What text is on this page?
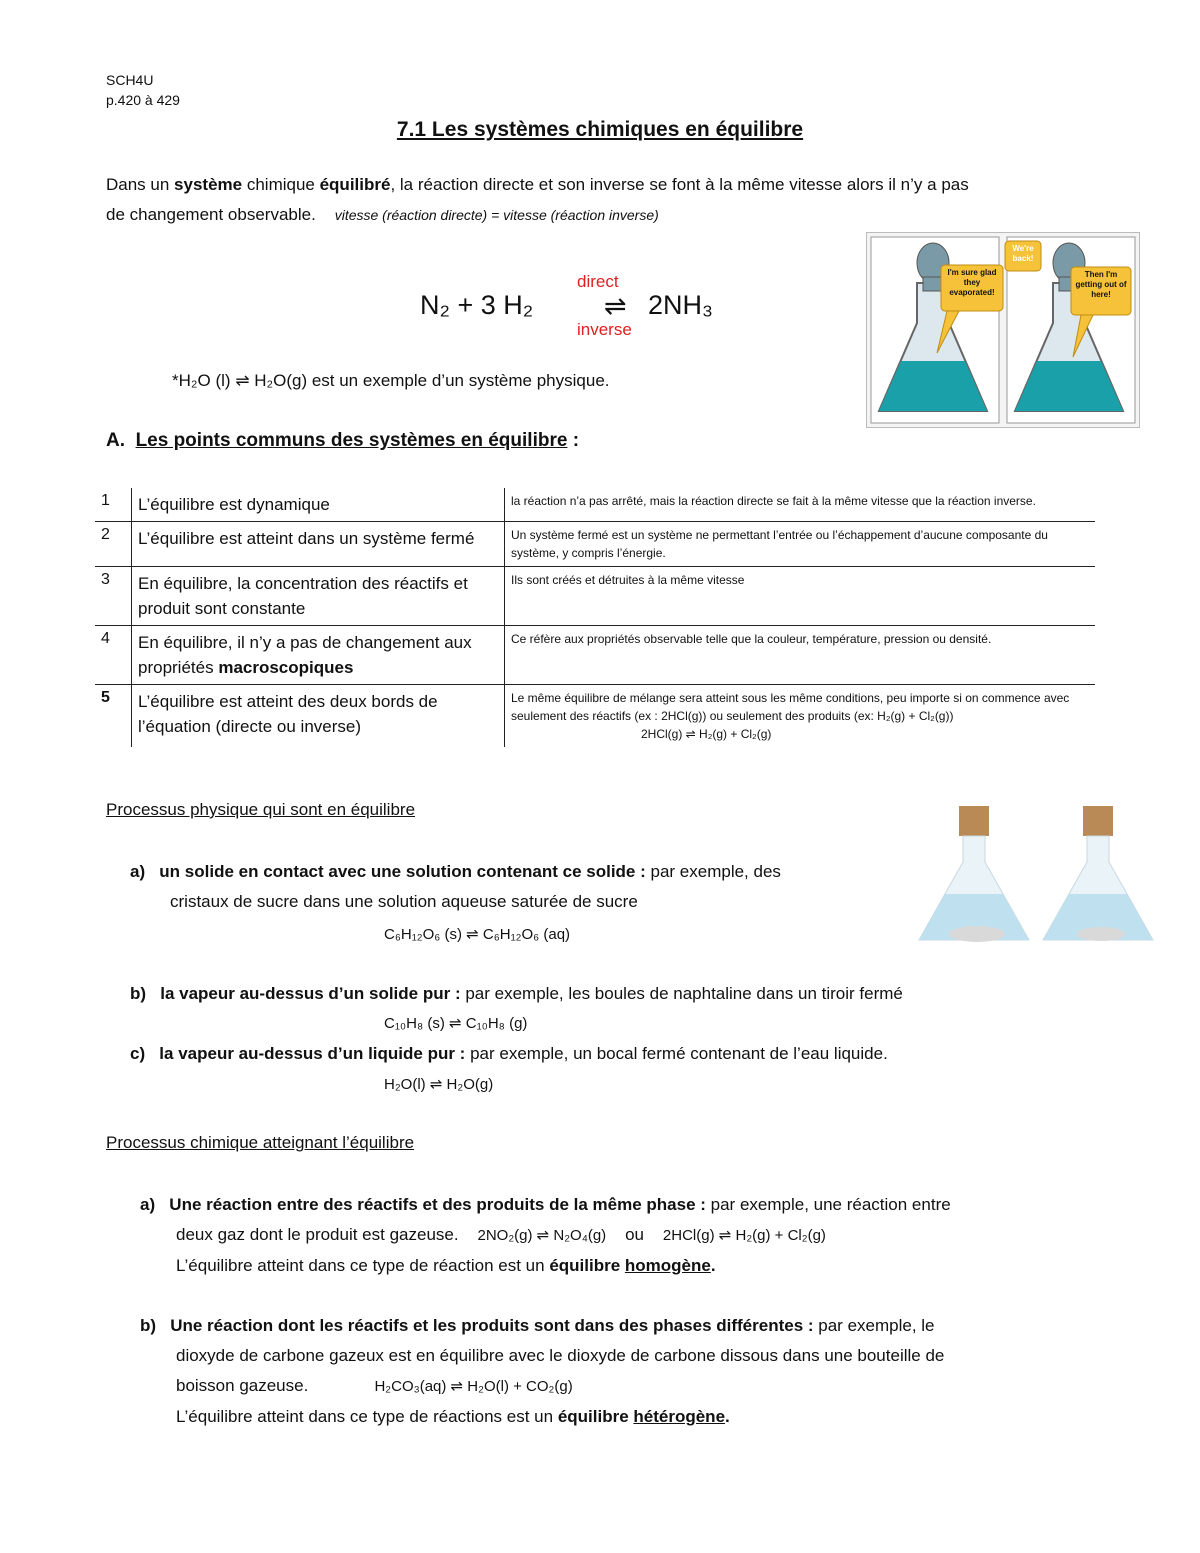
SCH4U
p.420 à 429
7.1 Les systèmes chimiques en équilibre
Dans un système chimique équilibré, la réaction directe et son inverse se font à la même vitesse alors il n’y a pas
de changement observable. vitesse (réaction directe) = vitesse (réaction inverse)
N₂ + 3 H₂
direct
⇌
inverse
2NH₃
*H₂O (l) ⇌ H₂O(g) est un exemple d’un système physique.
I'm sure glad they evaporated!
We're back!
Then I'm getting out of here!
A. Les points communs des systèmes en équilibre :
1	L’équilibre est dynamique	la réaction n’a pas arrêté, mais la réaction directe se fait à la même vitesse que la réaction inverse.
2	L’équilibre est atteint dans un système fermé	Un système fermé est un système ne permettant l’entrée ou l’échappement d’aucune composante du système, y compris l’énergie.
3	En équilibre, la concentration des réactifs et produit sont constante	Ils sont créés et détruites à la même vitesse
4	En équilibre, il n’y a pas de changement aux propriétés macroscopiques	Ce réfère aux propriétés observable telle que la couleur, température, pression ou densité.
5	L’équilibre est atteint des deux bords de l’équation (directe ou inverse)	Le même équilibre de mélange sera atteint sous les même conditions, peu importe si on commence avec seulement des réactifs (ex : 2HCl(g)) ou seulement des produits (ex: H₂(g) + Cl₂(g))
2HCl(g) ⇌ H₂(g) + Cl₂(g)
Processus physique qui sont en équilibre
a) un solide en contact avec une solution contenant ce solide : par exemple, des
cristaux de sucre dans une solution aqueuse saturée de sucre
C₆H₁₂O₆ (s) ⇌ C₆H₁₂O₆ (aq)
b) la vapeur au-dessus d’un solide pur : par exemple, les boules de naphtaline dans un tiroir fermé
C₁₀H₈ (s) ⇌ C₁₀H₈ (g)
c) la vapeur au-dessus d’un liquide pur : par exemple, un bocal fermé contenant de l’eau liquide.
H₂O(l) ⇌ H₂O(g)
Processus chimique atteignant l’équilibre
a) Une réaction entre des réactifs et des produits de la même phase : par exemple, une réaction entre
deux gaz dont le produit est gazeuse. 2NO₂(g) ⇌ N₂O₄(g) ou 2HCl(g) ⇌ H₂(g) + Cl₂(g)
L’équilibre atteint dans ce type de réaction est un équilibre homogène.
b) Une réaction dont les réactifs et les produits sont dans des phases différentes : par exemple, le
dioxyde de carbone gazeux est en équilibre avec le dioxyde de carbone dissous dans une bouteille de
boisson gazeuse.	H₂CO₃(aq) ⇌ H₂O(l) + CO₂(g)
L’équilibre atteint dans ce type de réactions est un équilibre hétérogène.
